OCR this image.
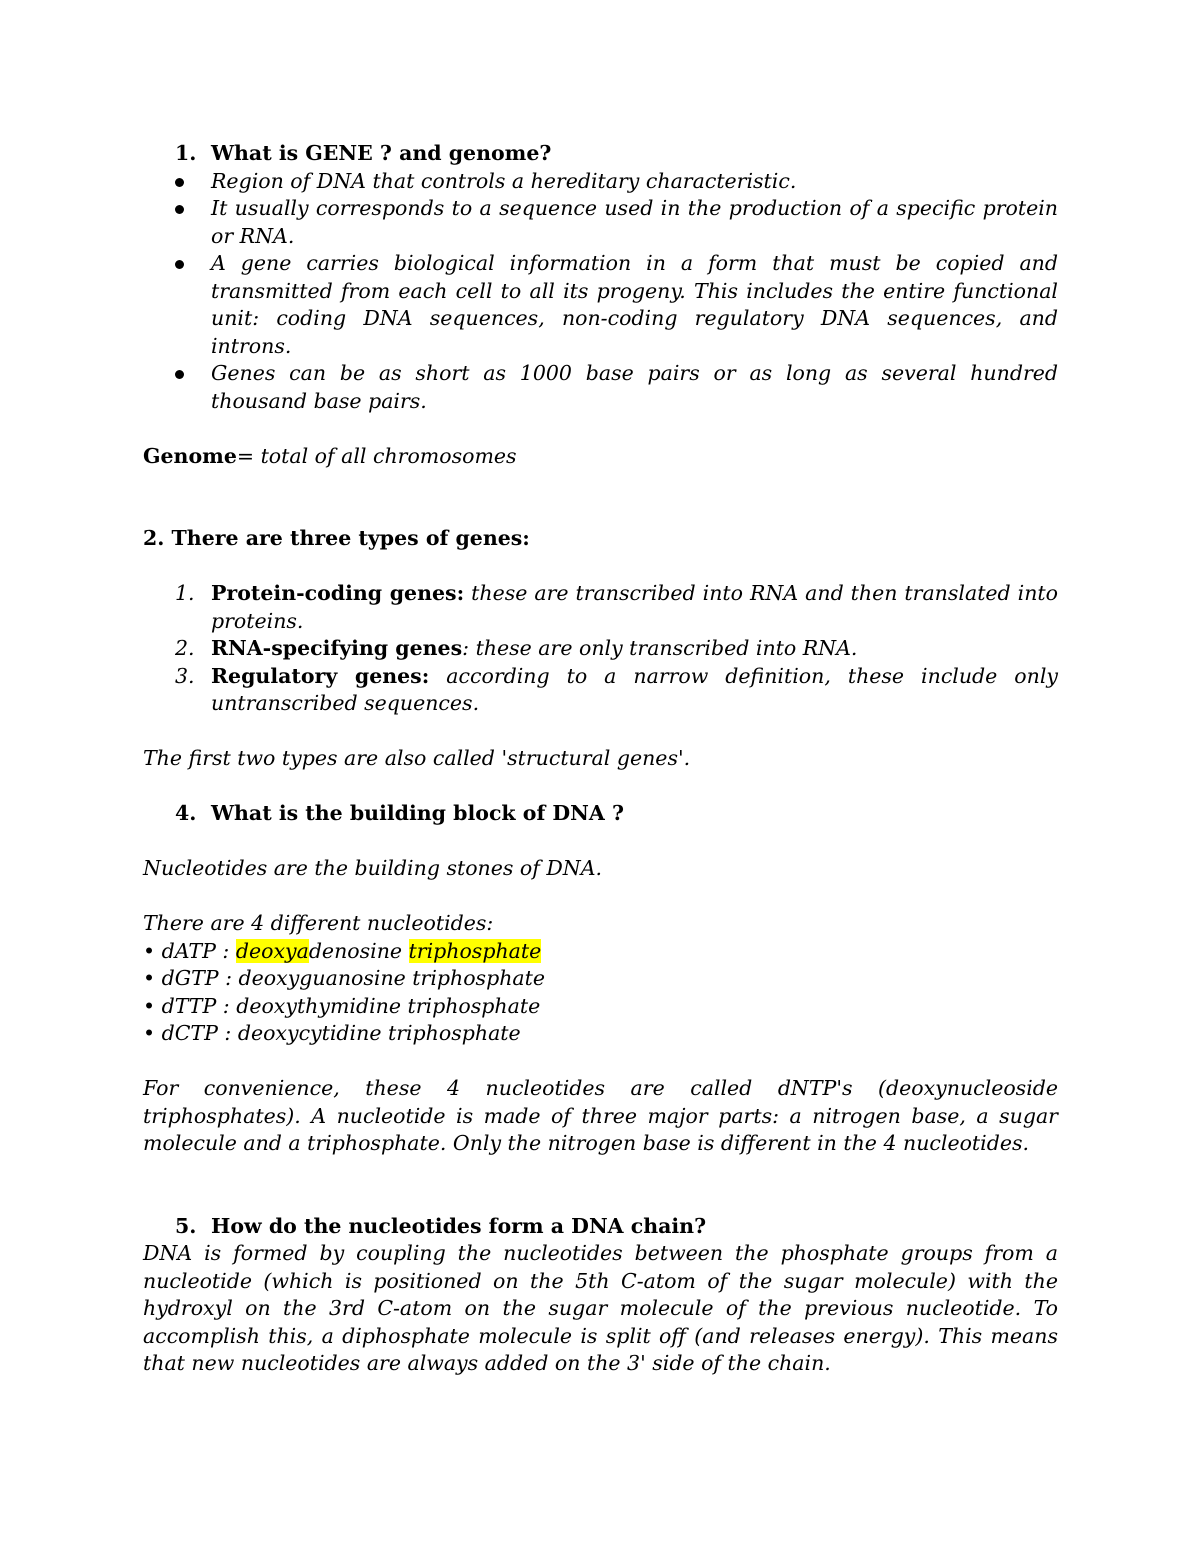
1. What is GENE ? and genome?
Region of DNA that controls a hereditary characteristic.
It usually corresponds to a sequence used in the production of a specific protein or RNA.
A gene carries biological information in a form that must be copied and transmitted from each cell to all its progeny. This includes the entire functional unit: coding DNA sequences, non-coding regulatory DNA sequences, and introns.
Genes can be as short as 1000 base pairs or as long as several hundred thousand base pairs.

Genome= total of all chromosomes

2. There are three types of genes:

1. Protein-coding genes: these are transcribed into RNA and then translated into proteins.
2. RNA-specifying genes: these are only transcribed into RNA.
3. Regulatory genes: according to a narrow definition, these include only untranscribed sequences.

The first two types are also called 'structural genes'.

4. What is the building block of DNA ?

Nucleotides are the building stones of DNA.

There are 4 different nucleotides:

• dATP : deoxyadenosine triphosphate
• dGTP : deoxyguanosine triphosphate
• dTTP : deoxythymidine triphosphate
• dCTP : deoxycytidine triphosphate

For convenience, these 4 nucleotides are called dNTP's (deoxynucleoside triphosphates). A nucleotide is made of three major parts: a nitrogen base, a sugar molecule and a triphosphate. Only the nitrogen base is different in the 4 nucleotides.

5. How do the nucleotides form a DNA chain?

DNA is formed by coupling the nucleotides between the phosphate groups from a nucleotide (which is positioned on the 5th C-atom of the sugar molecule) with the hydroxyl on the 3rd C-atom on the sugar molecule of the previous nucleotide. To accomplish this, a diphosphate molecule is split off (and releases energy). This means that new nucleotides are always added on the 3' side of the chain.
